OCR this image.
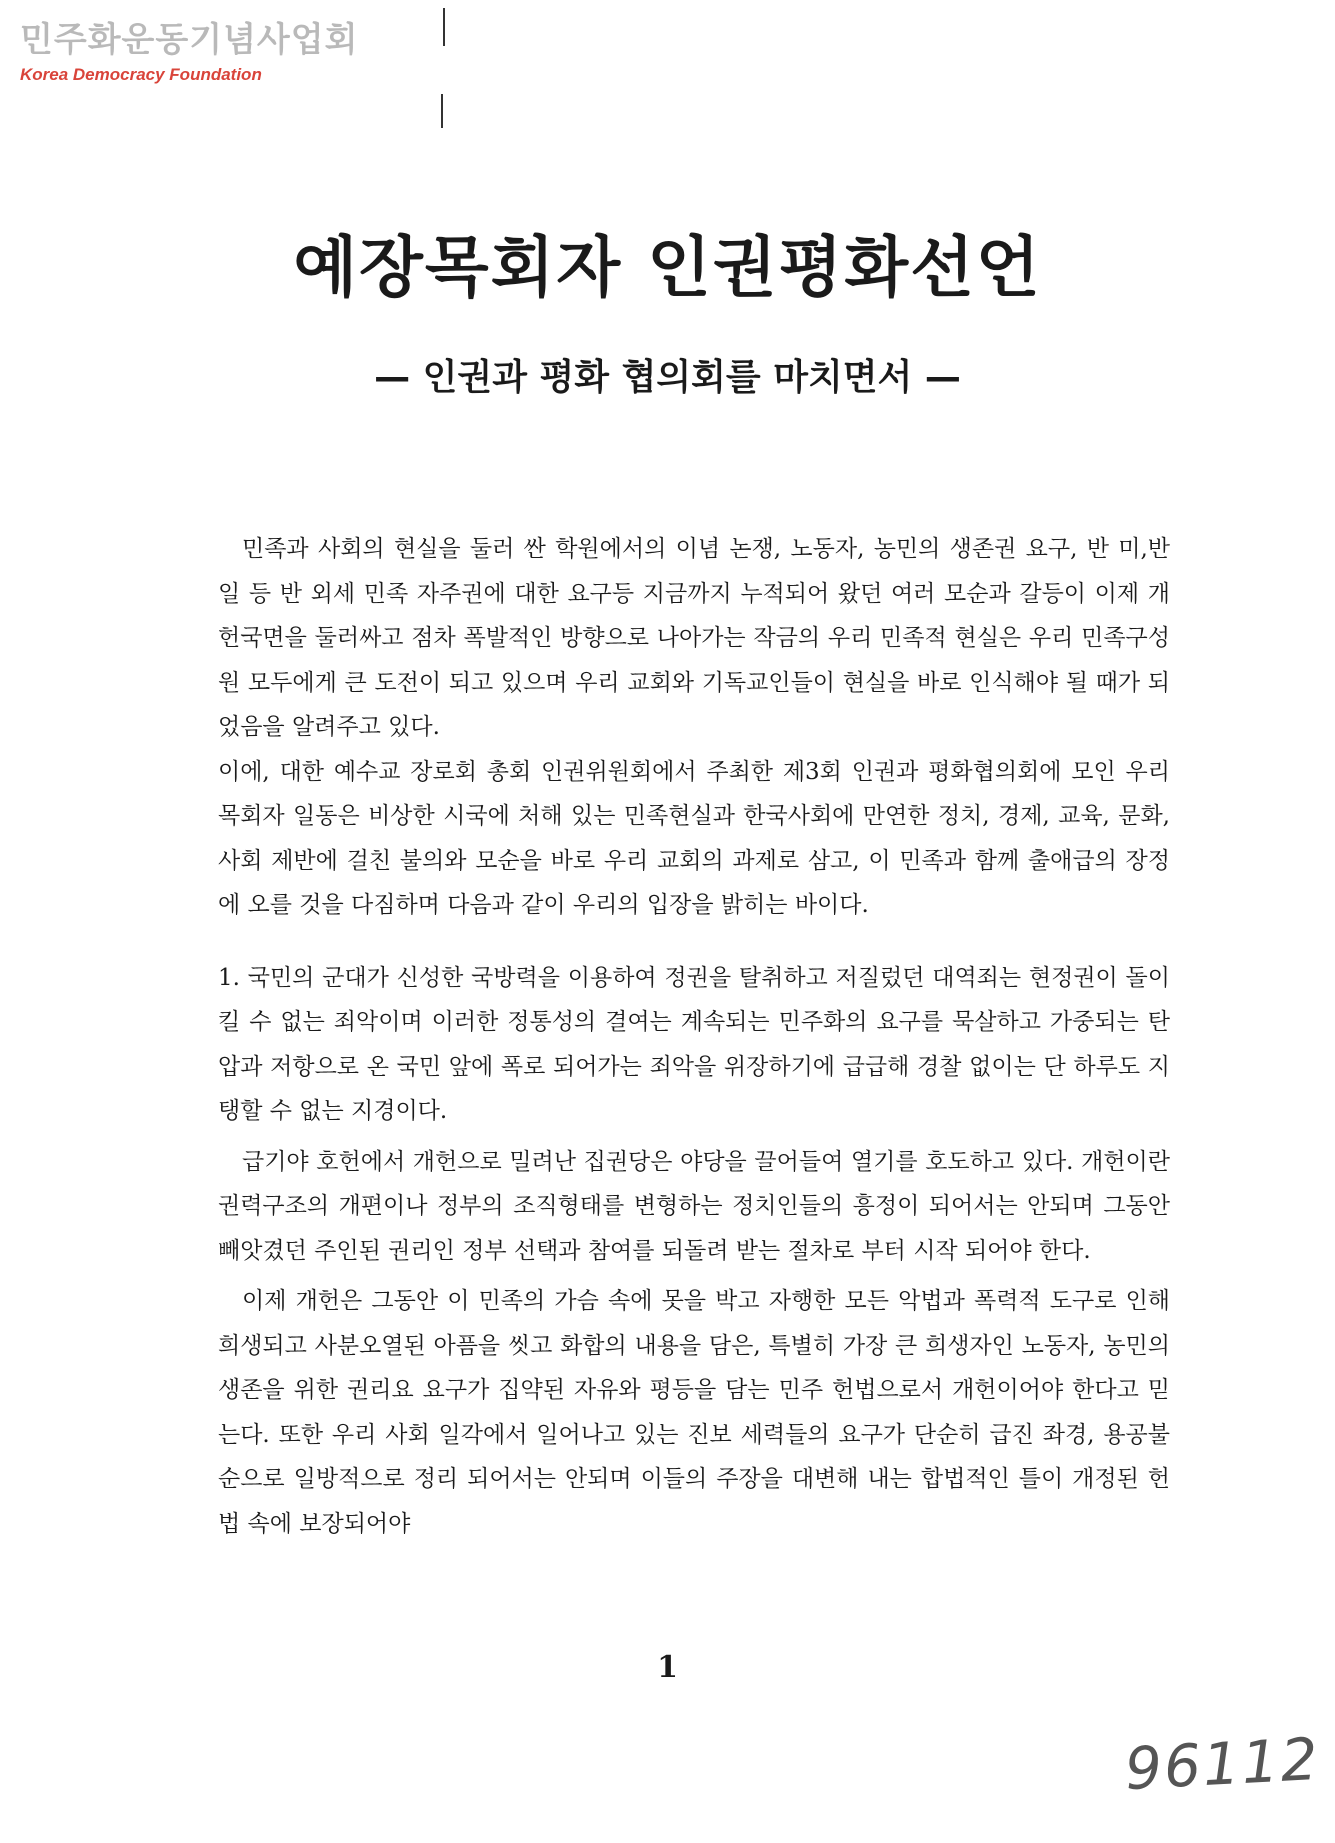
민주화운동기념사업회
Korea Democracy Foundation
예장목회자 인권평화선언
— 인권과 평화 협의회를 마치면서 —

민족과 사회의 현실을 둘러 싼 학원에서의 이념 논쟁, 노동자, 농민의 생존권 요구, 반 미,반 일 등 반 외세 민족 자주권에 대한 요구등 지금까지 누적되어 왔던 여러 모순과 갈등이 이제 개헌국면을 둘러싸고 점차 폭발적인 방향으로 나아가는 작금의 우리 민족적 현실은 우리 민족구성원 모두에게 큰 도전이 되고 있으며 우리 교회와 기독교인들이 현실을 바로 인식해야 될 때가 되었음을 알려주고 있다.

이에, 대한 예수교 장로회 총회 인권위원회에서 주최한 제3회 인권과 평화협의회에 모인 우리 목회자 일동은 비상한 시국에 처해 있는 민족현실과 한국사회에 만연한 정치, 경제, 교육, 문화, 사회 제반에 걸친 불의와 모순을 바로 우리 교회의 과제로 삼고, 이 민족과 함께 출애급의 장정에 오를 것을 다짐하며 다음과 같이 우리의 입장을 밝히는 바이다.

1. 국민의 군대가 신성한 국방력을 이용하여 정권을 탈취하고 저질렀던 대역죄는 현정권이 돌이킬 수 없는 죄악이며 이러한 정통성의 결여는 계속되는 민주화의 요구를 묵살하고 가중되는 탄압과 저항으로 온 국민 앞에 폭로 되어가는 죄악을 위장하기에 급급해 경찰 없이는 단 하루도 지탱할 수 없는 지경이다.

급기야 호헌에서 개헌으로 밀려난 집권당은 야당을 끌어들여 열기를 호도하고 있다. 개헌이란 권력구조의 개편이나 정부의 조직형태를 변형하는 정치인들의 흥정이 되어서는 안되며 그동안 빼앗겼던 주인된 권리인 정부 선택과 참여를 되돌려 받는 절차로 부터 시작 되어야 한다.

이제 개헌은 그동안 이 민족의 가슴 속에 못을 박고 자행한 모든 악법과 폭력적 도구로 인해 희생되고 사분오열된 아픔을 씻고 화합의 내용을 담은, 특별히 가장 큰 희생자인 노동자, 농민의 생존을 위한 권리요 요구가 집약된 자유와 평등을 담는 민주 헌법으로서 개헌이어야 한다고 믿는다. 또한 우리 사회 일각에서 일어나고 있는 진보 세력들의 요구가 단순히 급진 좌경, 용공불순으로 일방적으로 정리 되어서는 안되며 이들의 주장을 대변해 내는 합법적인 틀이 개정된 헌법 속에 보장되어야

1
96112
